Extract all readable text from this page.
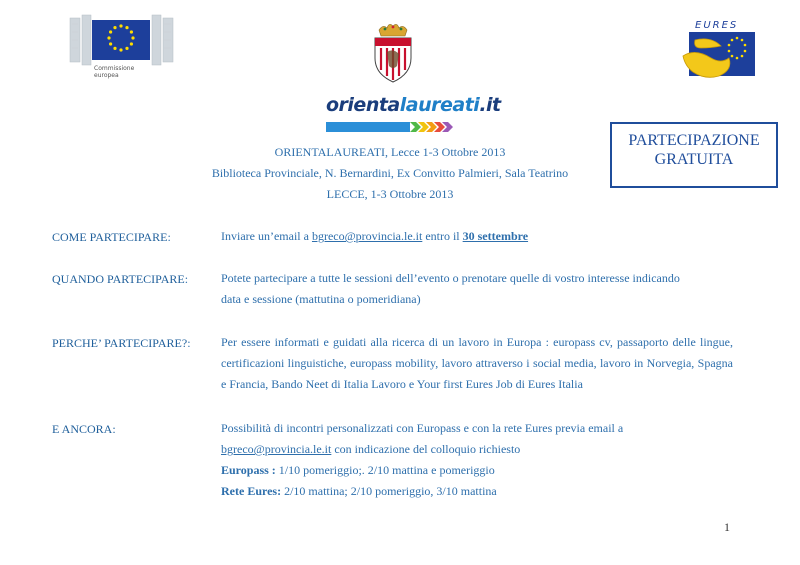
Commissione
europea
EURES
orientalaureati.it
ORIENTALAUREATI, Lecce 1-3 Ottobre 2013
Biblioteca Provinciale, N. Bernardini, Ex Convitto Palmieri, Sala Teatrino
LECCE, 1-3 Ottobre 2013
PARTECIPAZIONE
GRATUITA
COME PARTECIPARE:	Inviare un’email a bgreco@provincia.le.it entro il 30 settembre
QUANDO PARTECIPARE:	Potete partecipare a tutte le sessioni dell’evento o prenotare quelle di vostro interesse indicando
data e sessione (mattutina o pomeridiana)
PERCHE’ PARTECIPARE?:	Per essere informati e guidati alla ricerca di un lavoro in Europa : europass cv, passaporto delle lingue, certificazioni linguistiche, europass mobility, lavoro attraverso i social media, lavoro in Norvegia, Spagna e Francia, Bando Neet di Italia Lavoro e Your first Eures Job di Eures Italia
E ANCORA:	Possibilità di incontri personalizzati con Europass e con la rete Eures previa email a
bgreco@provincia.le.it con indicazione del colloquio richiesto
Europass : 1/10 pomeriggio;. 2/10 mattina e pomeriggio
Rete Eures: 2/10 mattina; 2/10 pomeriggio, 3/10 mattina
1
